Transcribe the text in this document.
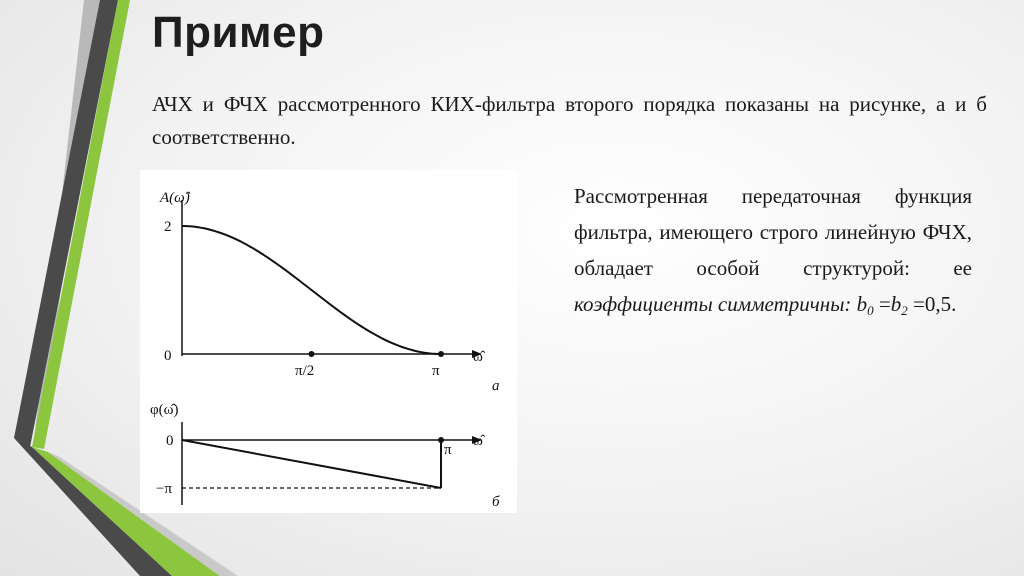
Пример

АЧХ и ФЧХ рассмотренного КИХ-фильтра второго порядка показаны на рисунке, а и б соответственно.

A(ω̂)
2
0
π/2	π
ω̂
а
φ(ω̂)
0
−π
π
ω̂
б

Рассмотренная передаточная функция фильтра, имеющего строго линейную ФЧХ, обладает особой структурой: ее коэффициенты симметричны: $b_0 =b_2 =0,5$.
